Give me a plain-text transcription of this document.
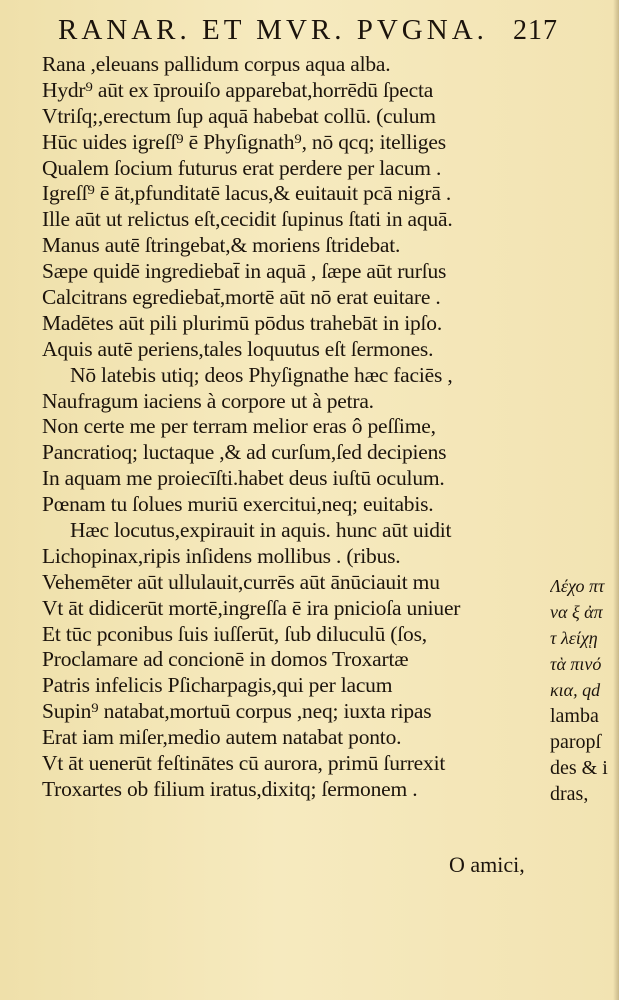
RANAR. ET MVR. PVGNA. 217
Rana ,eleuans pallidum corpus aqua alba.
Hydr⁹ aūt ex īprouiſo apparebat,horrēdū ſpecta
Vtriſq;,erectum ſup aquā habebat collū. (culum
Hūc uides igreſſ⁹ ē Phyſignath⁹, nō qcq; itelliges
Qualem ſocium futurus erat perdere per lacum .
Igreſſ⁹ ē āt,pfunditatē lacus,& euitauit pcā nigrā .
Ille aūt ut relictus eſt,cecidit ſupinus ſtati in aquā.
Manus autē ſtringebat,& moriens ſtridebat.
Sæpe quidē ingrediebat̄ in aquā , ſæpe aūt rurſus
Calcitrans egrediebat̄,mortē aūt nō erat euitare .
Madētes aūt pili plurimū pōdus trahebāt in ipſo.
Aquis autē periens,tales loquutus eſt ſermones.
Nō latebis utiq; deos Phyſignathe hæc faciēs ,
Naufragum iaciens à corpore ut à petra.
Non certe me per terram melior eras ô peſſime,
Pancratioq; luctaque ,& ad curſum,ſed decipiens
In aquam me proiecīſti.habet deus iuſtū oculum.
Pœnam tu ſolues muriū exercitui,neq; euitabis.
Hæc locutus,expirauit in aquis. hunc aūt uidit
Lichopinax,ripis inſidens mollibus . (ribus.
Vehemēter aūt ullulauit,currēs aūt ānūciauit mu
Vt āt didicerūt mortē,ingreſſa ē ira pnicioſa uniuer
Et tūc pconibus ſuis iuſſerūt, ſub diluculū (ſos,
Proclamare ad concionē in domos Troxartæ
Patris infelicis Pſicharpagis,qui per lacum
Supin⁹ natabat,mortuū corpus ,neq; iuxta ripas
Erat iam miſer,medio autem natabat ponto.
Vt āt uenerūt feſtinātes cū aurora, primū ſurrexit
Troxartes ob filium iratus,dixitq; ſermonem .
O amici,
Λέχο πτ
να ξ ἀπ
τ λείχῃ
τὰ πινό
κια, qd
lamba
paropſ
des & i
dras,
